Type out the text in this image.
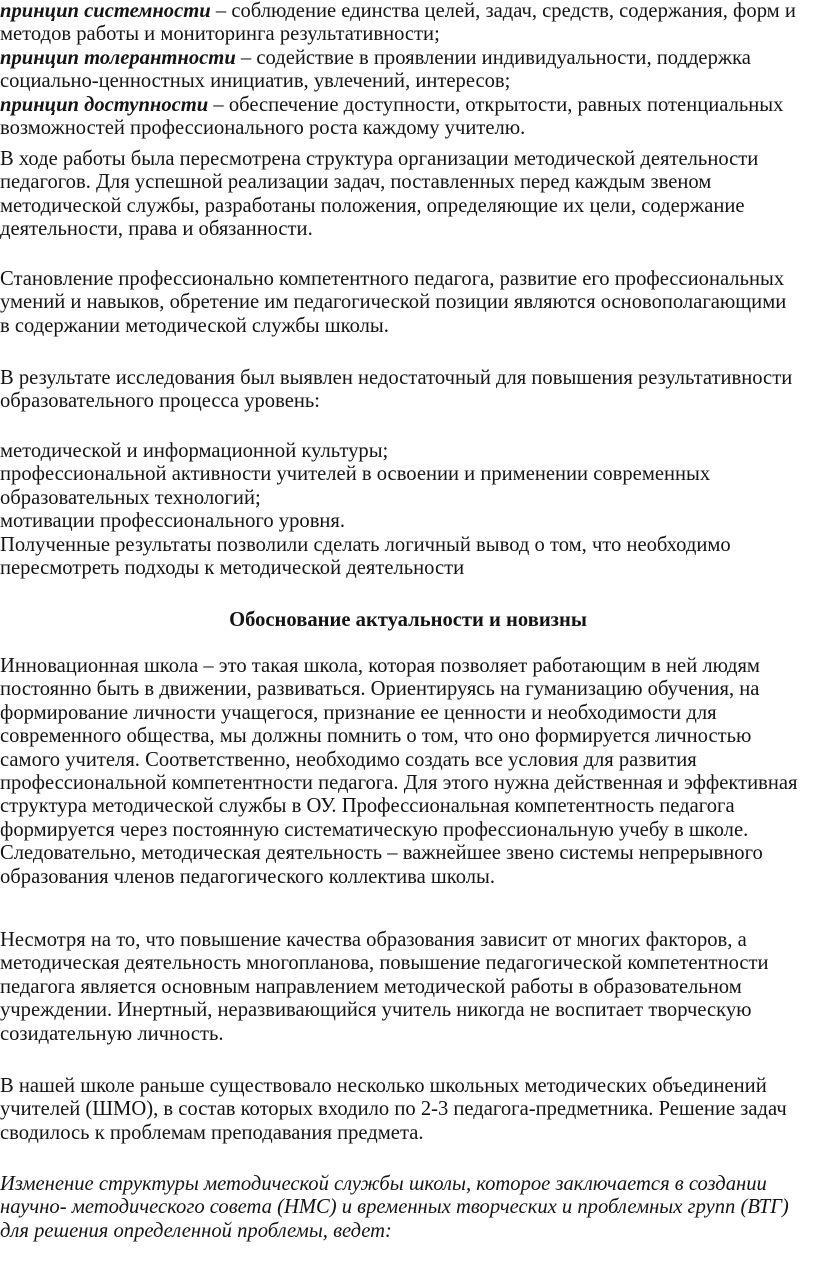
принцип системности – соблюдение единства целей, задач, средств, содержания, форм и
методов работы и мониторинга результативности;
принцип толерантности – содействие в проявлении индивидуальности, поддержка
социально-ценностных инициатив, увлечений, интересов;
принцип доступности – обеспечение доступности, открытости, равных потенциальных
возможностей профессионального роста каждому учителю.
В ходе работы была пересмотрена структура организации методической деятельности
педагогов. Для успешной реализации задач, поставленных перед каждым звеном
методической службы, разработаны положения, определяющие их цели, содержание
деятельности, права и обязанности.
Становление профессионально компетентного педагога, развитие его профессиональных
умений и навыков, обретение им педагогической позиции являются основополагающими
в содержании методической службы школы.
В результате исследования был выявлен недостаточный для повышения результативности
образовательного процесса уровень:
методической и информационной культуры;
профессиональной активности учителей в освоении и применении современных
образовательных технологий;
мотивации профессионального уровня.
Полученные результаты позволили сделать логичный вывод о том, что необходимо
пересмотреть подходы к методической деятельности
Обоснование актуальности и новизны
Инновационная школа – это такая школа, которая позволяет работающим в ней людям
постоянно быть в движении, развиваться. Ориентируясь на гуманизацию обучения, на
формирование личности учащегося, признание ее ценности и необходимости для
современного общества, мы должны помнить о том, что оно формируется личностью
самого учителя. Соответственно, необходимо создать все условия для развития
профессиональной компетентности педагога. Для этого нужна действенная и эффективная
структура методической службы в ОУ. Профессиональная компетентность педагога
формируется через постоянную систематическую профессиональную учебу в школе.
Следовательно, методическая деятельность – важнейшее звено системы непрерывного
образования членов педагогического коллектива школы.
Несмотря на то, что повышение качества образования зависит от многих факторов, а
методическая деятельность многопланова, повышение педагогической компетентности
педагога является основным направлением методической работы в образовательном
учреждении. Инертный, неразвивающийся учитель никогда не воспитает творческую
созидательную личность.
В нашей школе раньше существовало несколько школьных методических объединений
учителей (ШМО), в состав которых входило по 2-3 педагога-предметника. Решение задач
сводилось к проблемам преподавания предмета.
Изменение структуры методической службы школы, которое заключается в создании
научно- методического совета (НМС) и временных творческих и проблемных групп (ВТГ)
для решения определенной проблемы, ведет:
